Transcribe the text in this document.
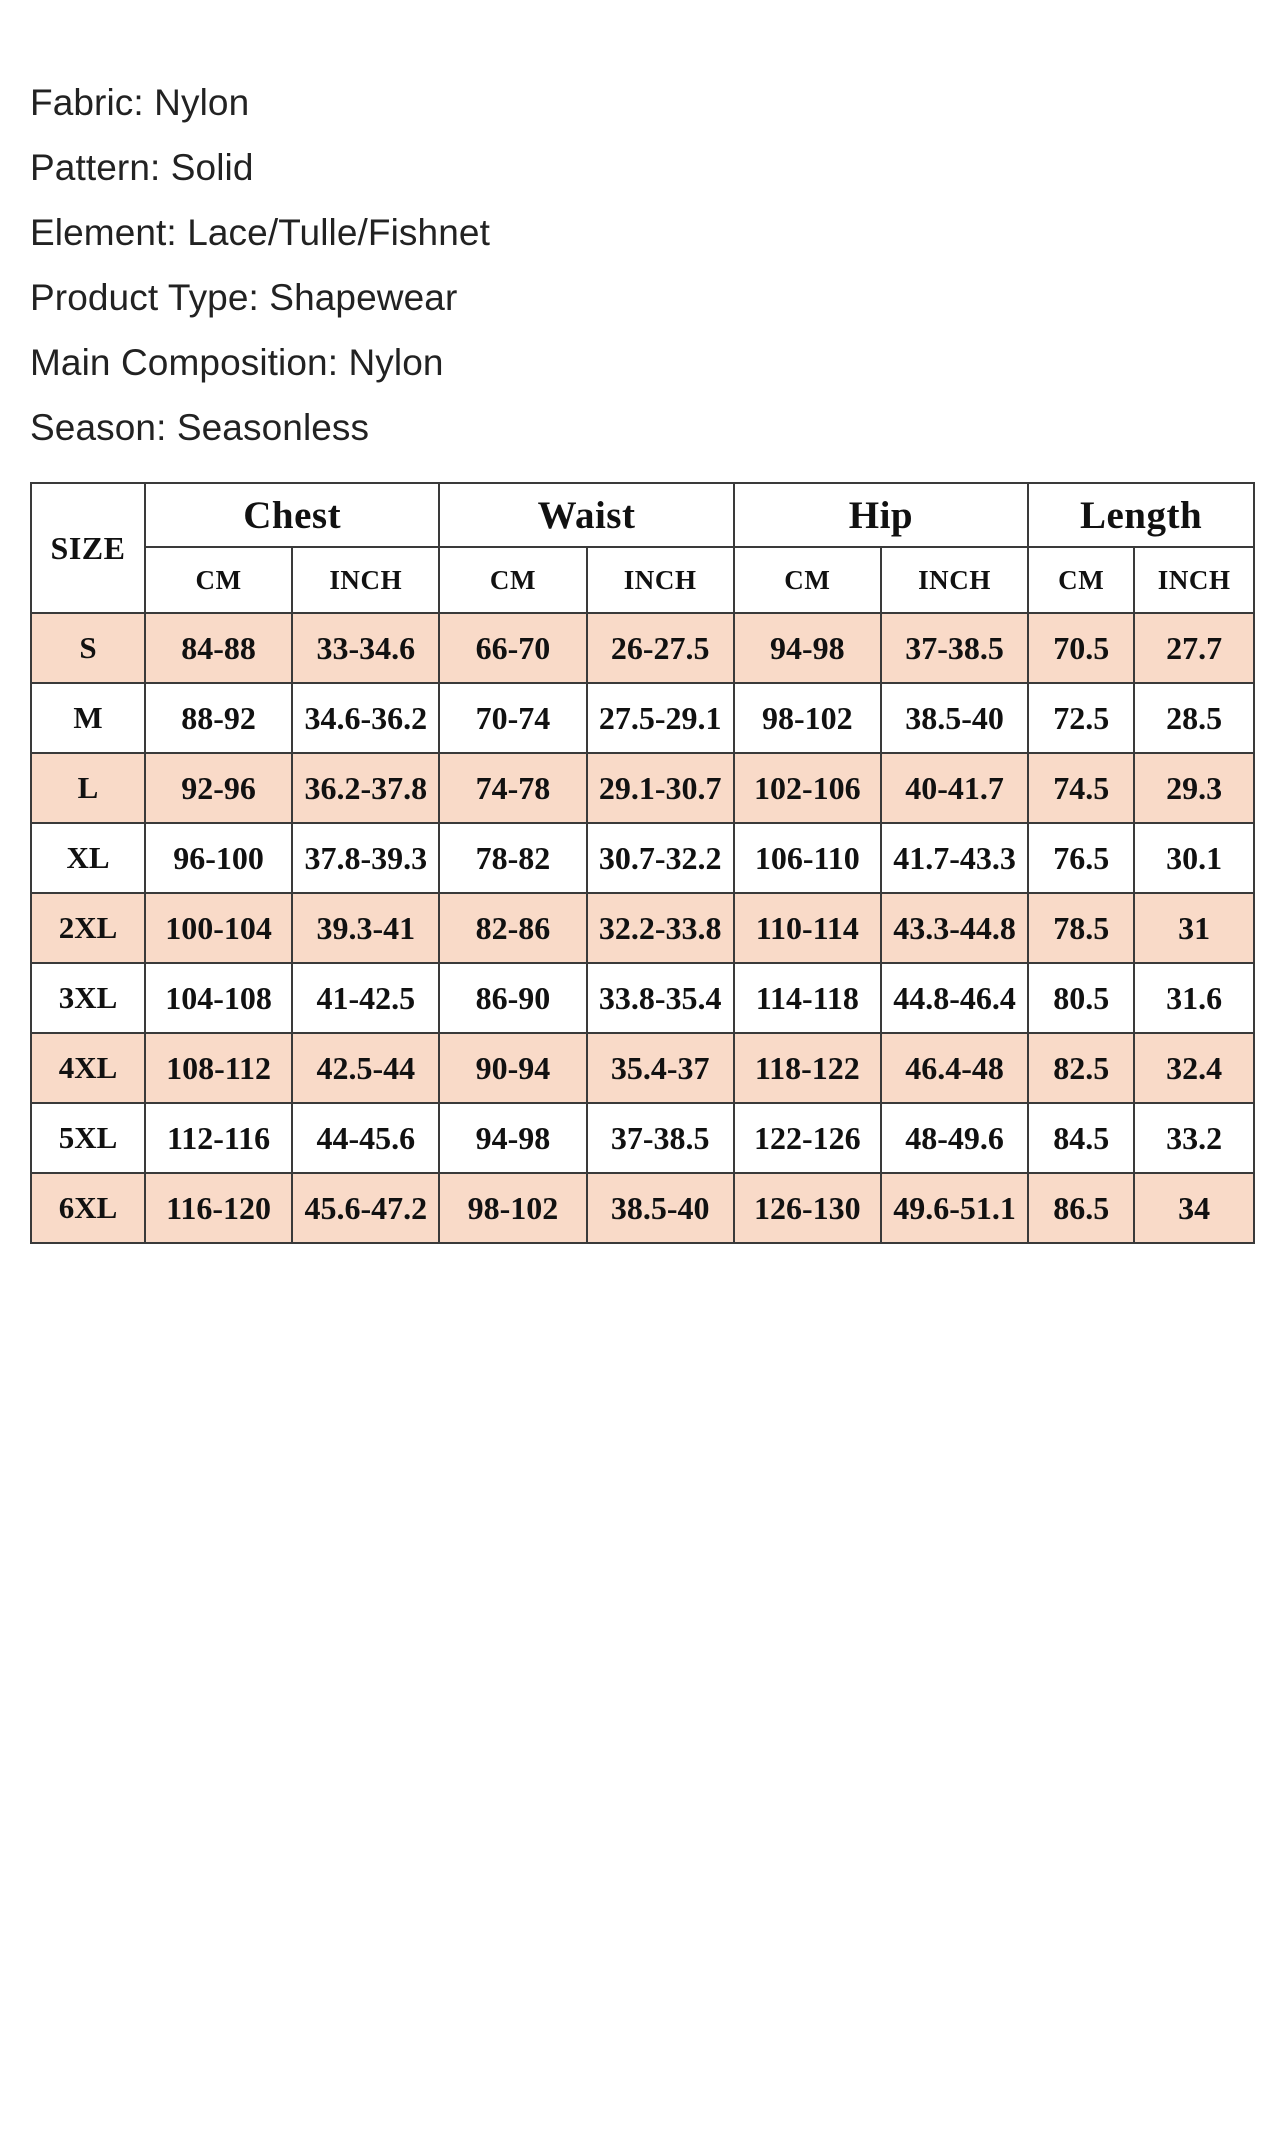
Fabric: Nylon
Pattern: Solid
Element: Lace/Tulle/Fishnet
Product Type: Shapewear
Main Composition: Nylon
Season: Seasonless
SIZE	Chest		Waist		Hip		Length	
	CM	INCH	CM	INCH	CM	INCH	CM	INCH
S	84-88	33-34.6	66-70	26-27.5	94-98	37-38.5	70.5	27.7
M	88-92	34.6-36.2	70-74	27.5-29.1	98-102	38.5-40	72.5	28.5
L	92-96	36.2-37.8	74-78	29.1-30.7	102-106	40-41.7	74.5	29.3
XL	96-100	37.8-39.3	78-82	30.7-32.2	106-110	41.7-43.3	76.5	30.1
2XL	100-104	39.3-41	82-86	32.2-33.8	110-114	43.3-44.8	78.5	31
3XL	104-108	41-42.5	86-90	33.8-35.4	114-118	44.8-46.4	80.5	31.6
4XL	108-112	42.5-44	90-94	35.4-37	118-122	46.4-48	82.5	32.4
5XL	112-116	44-45.6	94-98	37-38.5	122-126	48-49.6	84.5	33.2
6XL	116-120	45.6-47.2	98-102	38.5-40	126-130	49.6-51.1	86.5	34
